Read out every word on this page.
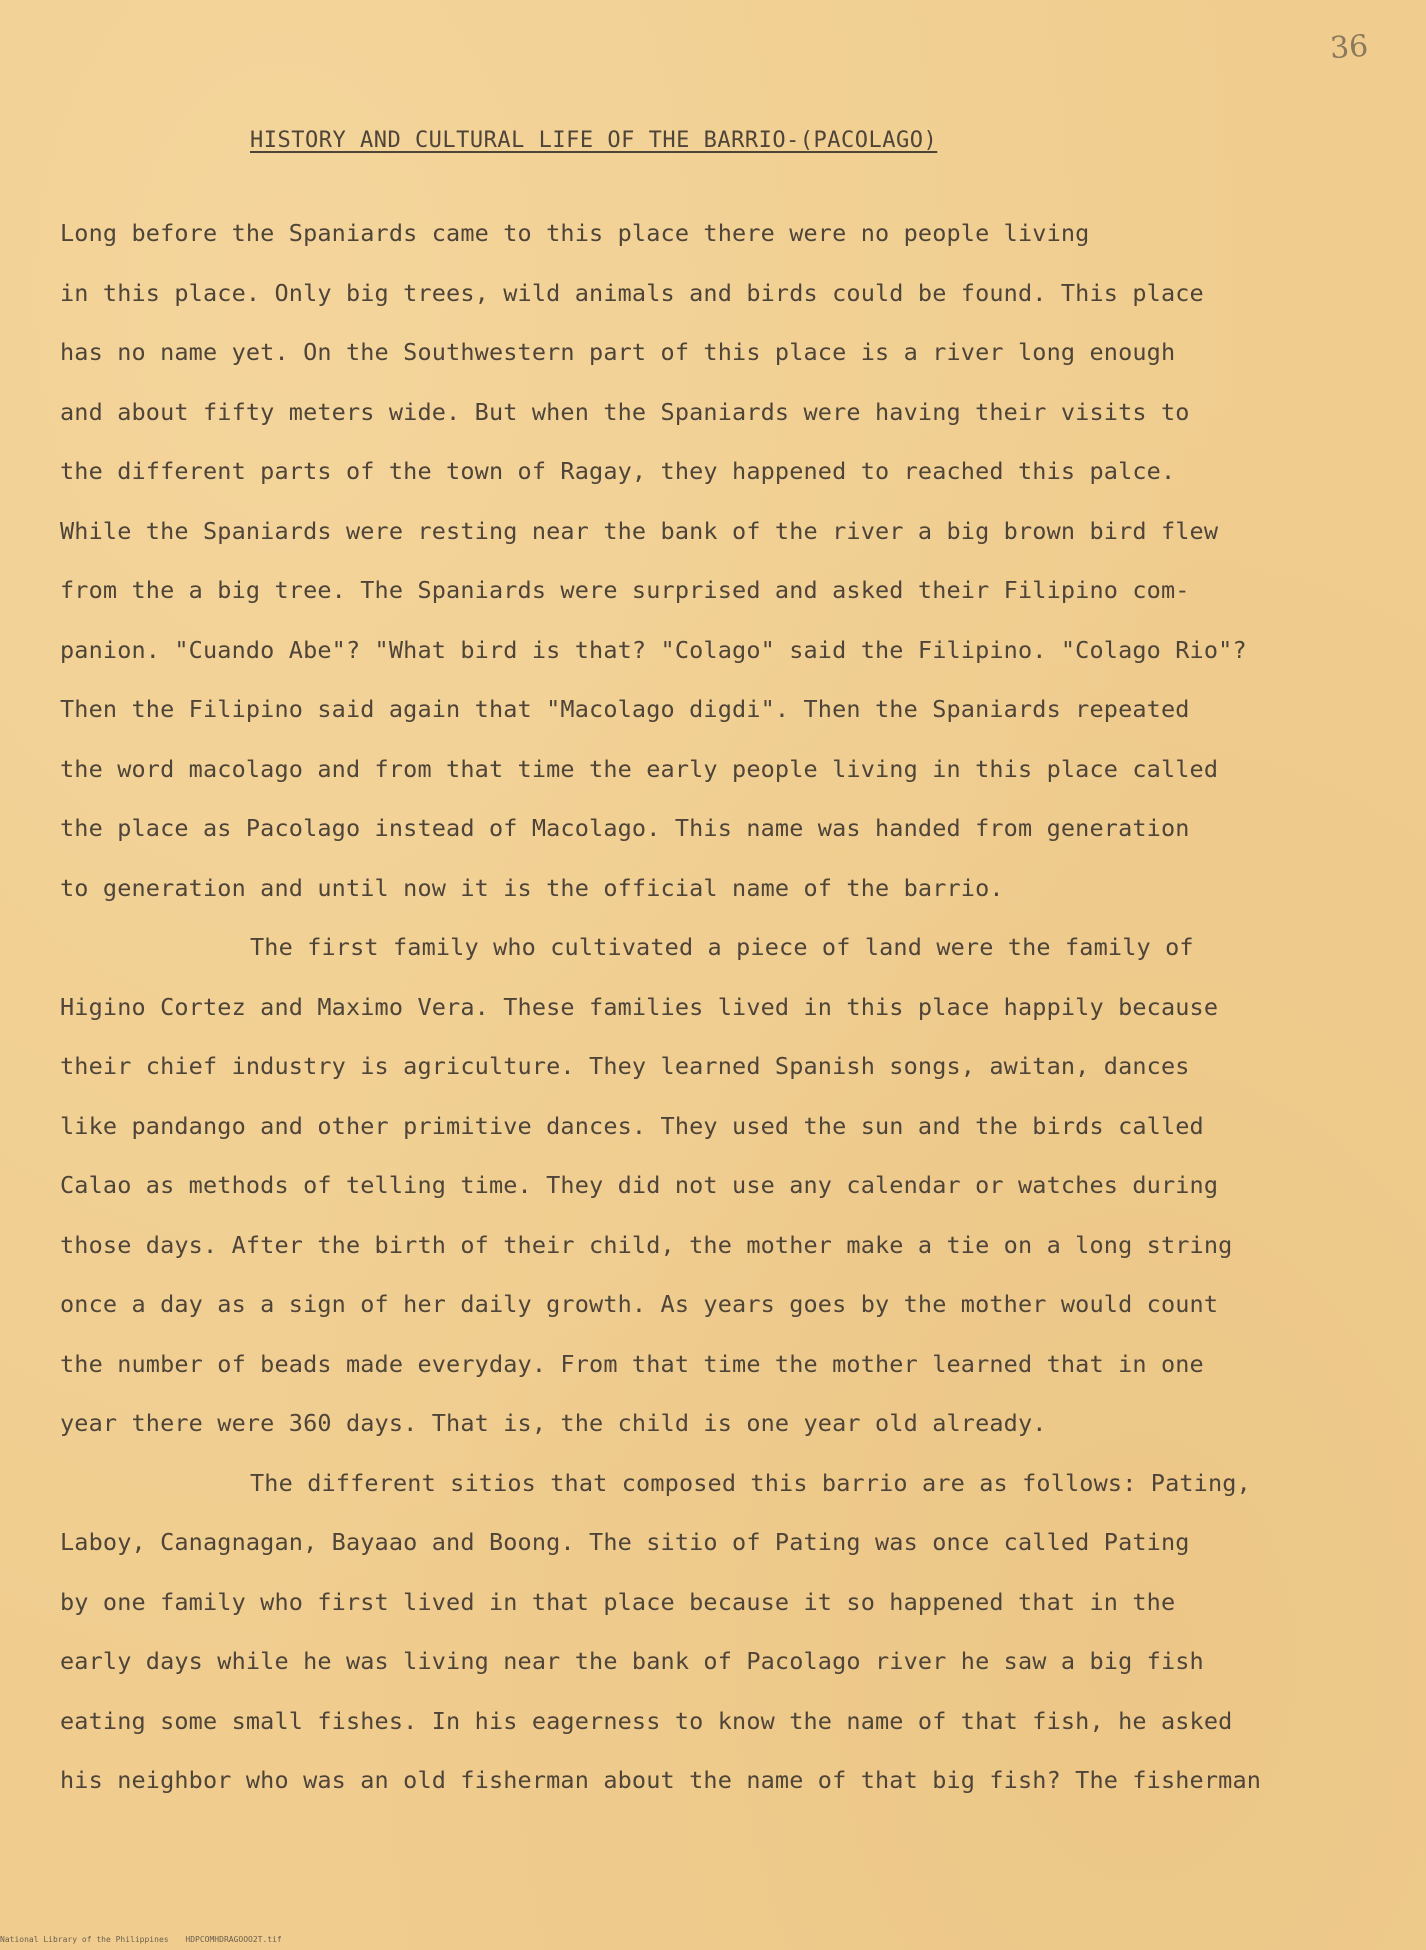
36
HISTORY AND CULTURAL LIFE OF THE BARRIO-(PACOLAGO)
Long before the Spaniards came to this place there were no people living
in this place. Only big trees, wild animals and birds could be found. This place
has no name yet. On the Southwestern part of this place is a river long enough
and about fifty meters wide. But when the Spaniards were having their visits to
the different parts of the town of Ragay, they happened to reached this palce.
While the Spaniards were resting near the bank of the river a big brown bird flew
from the a big tree. The Spaniards were surprised and asked their Filipino com-
panion. "Cuando Abe"? "What bird is that? "Colago" said the Filipino. "Colago Rio"?
Then the Filipino said again that "Macolago digdi". Then the Spaniards repeated
the word macolago and from that time the early people living in this place called
the place as Pacolago instead of Macolago. This name was handed from generation
to generation and until now it is the official name of the barrio.
The first family who cultivated a piece of land were the family of
Higino Cortez and Maximo Vera. These families lived in this place happily because
their chief industry is agriculture. They learned Spanish songs, awitan, dances
like pandango and other primitive dances. They used the sun and the birds called
Calao as methods of telling time. They did not use any calendar or watches during
those days. After the birth of their child, the mother make a tie on a long string
once a day as a sign of her daily growth. As years goes by the mother would count
the number of beads made everyday. From that time the mother learned that in one
year there were 360 days. That is, the child is one year old already.
The different sitios that composed this barrio are as follows: Pating,
Laboy, Canagnagan, Bayaao and Boong. The sitio of Pating was once called Pating
by one family who first lived in that place because it so happened that in the
early days while he was living near the bank of Pacolago river he saw a big fish
eating some small fishes. In his eagerness to know the name of that fish, he asked
his neighbor who was an old fisherman about the name of that big fish? The fisherman
National Library of the Philippines HDPCOMHDRAGOOO2T.tif
